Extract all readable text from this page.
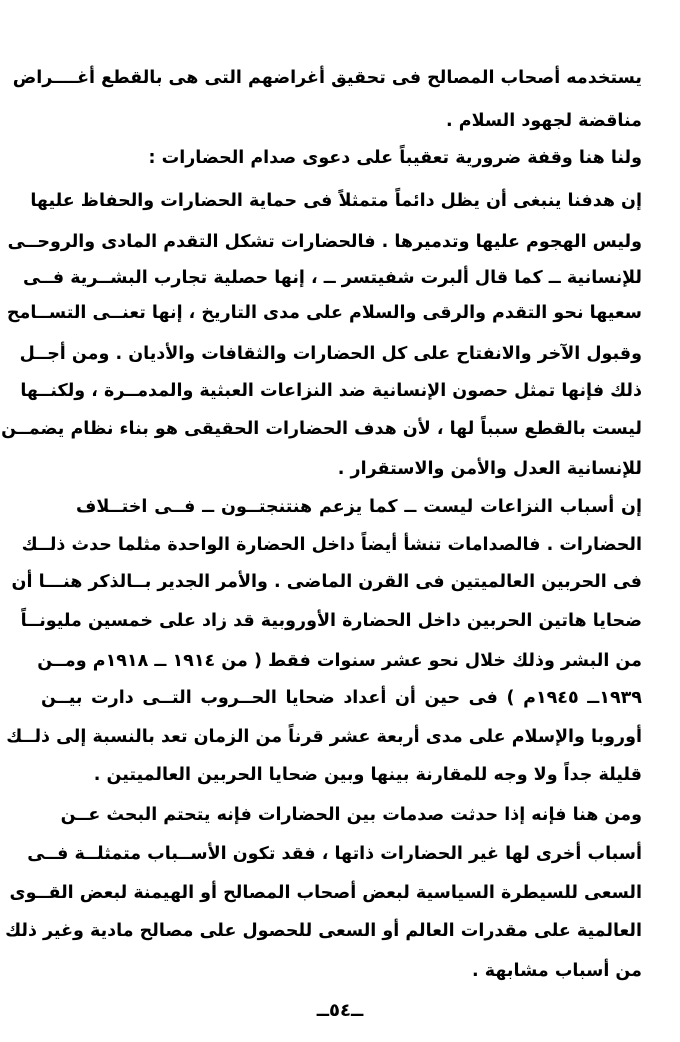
يستخدمه أصحاب المصالح فى تحقيق أغراضهم التى هى بالقطع أغــــراض
مناقضة لجهود السلام .
ولنا هنا وقفة ضرورية تعقيباً على دعوى صدام الحضارات :
إن هدفنا ينبغى أن يظل دائماً متمثلاً فى حماية الحضارات والحفاظ عليها
وليس الهجوم عليها وتدميرها . فالحضارات تشكل التقدم المادى والروحــى
للإنسانية ــ كما قال ألبرت شفيتسر ــ ، إنها حصلية تجارب البشــرية فــى
سعيها نحو التقدم والرقى والسلام على مدى التاريخ ، إنها تعنــى التســامح
وقبول الآخر والانفتاح على كل الحضارات والثقافات والأديان . ومن أجــل
ذلك فإنها تمثل حصون الإنسانية ضد النزاعات العبثية والمدمــرة ، ولكنــها
ليست بالقطع سبباً لها ، لأن هدف الحضارات الحقيقى هو بناء نظام يضمــن
للإنسانية العدل والأمن والاستقرار .
إن أسباب النزاعات ليست ــ كما يزعم هنتنجتــون ــ فــى اختــلاف
الحضارات . فالصدامات تنشأ أيضاً داخل الحضارة الواحدة مثلما حدث ذلــك
فى الحربين العالميتين فى القرن الماضى . والأمر الجدير بــالذكر هنـــا أن
ضحايا هاتين الحربين داخل الحضارة الأوروبية قد زاد على خمسين مليونــاً
من البشر وذلك خلال نحو عشر سنوات فقط ( من ١٩١٤ ــ ١٩١٨م ومــن
١٩٣٩ــ ١٩٤٥م ) فى حين أن أعداد ضحايا الحــروب التــى دارت بيــن
أوروبا والإسلام على مدى أربعة عشر قرناً من الزمان تعد بالنسبة إلى ذلــك
قليلة جداً ولا وجه للمقارنة بينها وبين ضحايا الحربين العالميتين .
ومن هنا فإنه إذا حدثت صدمات بين الحضارات فإنه يتحتم البحث عــن
أسباب أخرى لها غير الحضارات ذاتها ، فقد تكون الأســباب متمثلــة فــى
السعى للسيطرة السياسية لبعض أصحاب المصالح أو الهيمنة لبعض القــوى
العالمية على مقدرات العالم أو السعى للحصول على مصالح مادية وغير ذلك
من أسباب مشابهة .
ــ٥٤ــ
